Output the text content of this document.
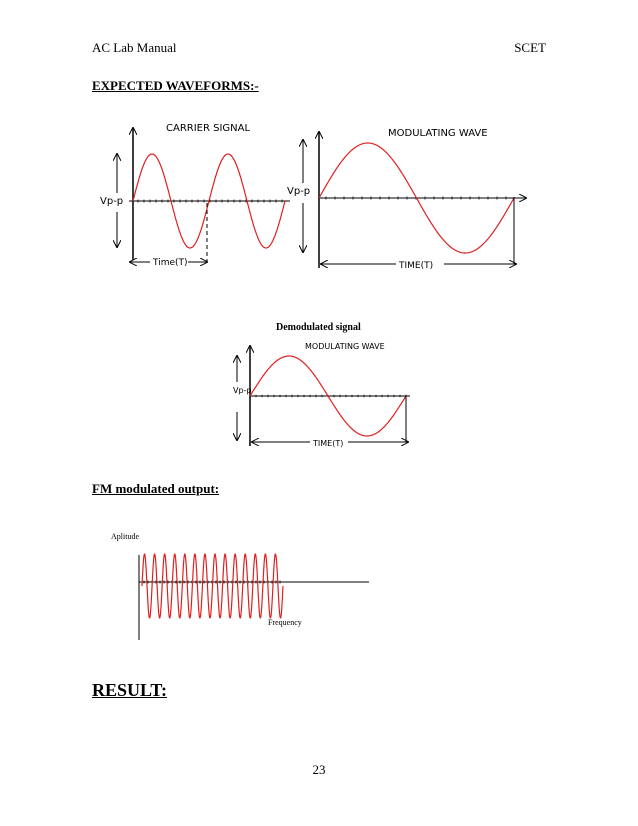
AC Lab Manual	SCET
EXPECTED WAVEFORMS:-
CARRIER SIGNAL
Vp-p
Time(T)
MODULATING WAVE
Vp-p
TIME(T)
Demodulated signal
MODULATING WAVE
Vp-p
TIME(T)
Aplitude
Frequency
FM modulated output:
RESULT:
23
